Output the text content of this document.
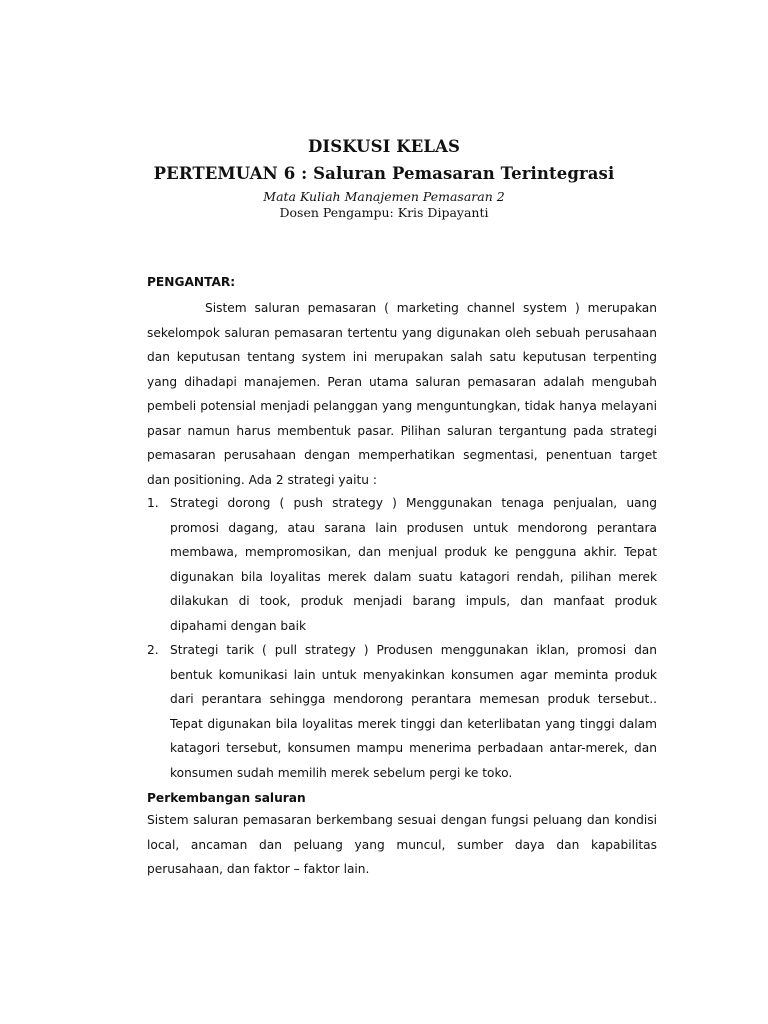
DISKUSI KELAS
PERTEMUAN 6 : Saluran Pemasaran Terintegrasi
Mata Kuliah Manajemen Pemasaran 2
Dosen Pengampu: Kris Dipayanti
PENGANTAR:
Sistem saluran pemasaran ( marketing channel system ) merupakan sekelompok saluran pemasaran tertentu yang digunakan oleh sebuah perusahaan dan keputusan tentang system ini merupakan salah satu keputusan terpenting yang dihadapi manajemen. Peran utama saluran pemasaran adalah mengubah pembeli potensial menjadi pelanggan yang menguntungkan, tidak hanya melayani pasar namun harus membentuk pasar. Pilihan saluran tergantung pada strategi pemasaran perusahaan dengan memperhatikan segmentasi, penentuan target dan positioning. Ada 2 strategi yaitu :
1. Strategi dorong ( push strategy ) Menggunakan tenaga penjualan, uang promosi dagang, atau sarana lain produsen untuk mendorong perantara membawa, mempromosikan, dan menjual produk ke pengguna akhir. Tepat digunakan bila loyalitas merek dalam suatu katagori rendah, pilihan merek dilakukan di took, produk menjadi barang impuls, dan manfaat produk dipahami dengan baik
2. Strategi tarik ( pull strategy ) Produsen menggunakan iklan, promosi dan bentuk komunikasi lain untuk menyakinkan konsumen agar meminta produk dari perantara sehingga mendorong perantara memesan produk tersebut.. Tepat digunakan bila loyalitas merek tinggi dan keterlibatan yang tinggi dalam katagori tersebut, konsumen mampu menerima perbadaan antar-merek, dan konsumen sudah memilih merek sebelum pergi ke toko.
Perkembangan saluran
Sistem saluran pemasaran berkembang sesuai dengan fungsi peluang dan kondisi local, ancaman dan peluang yang muncul, sumber daya dan kapabilitas perusahaan, dan faktor – faktor lain.
